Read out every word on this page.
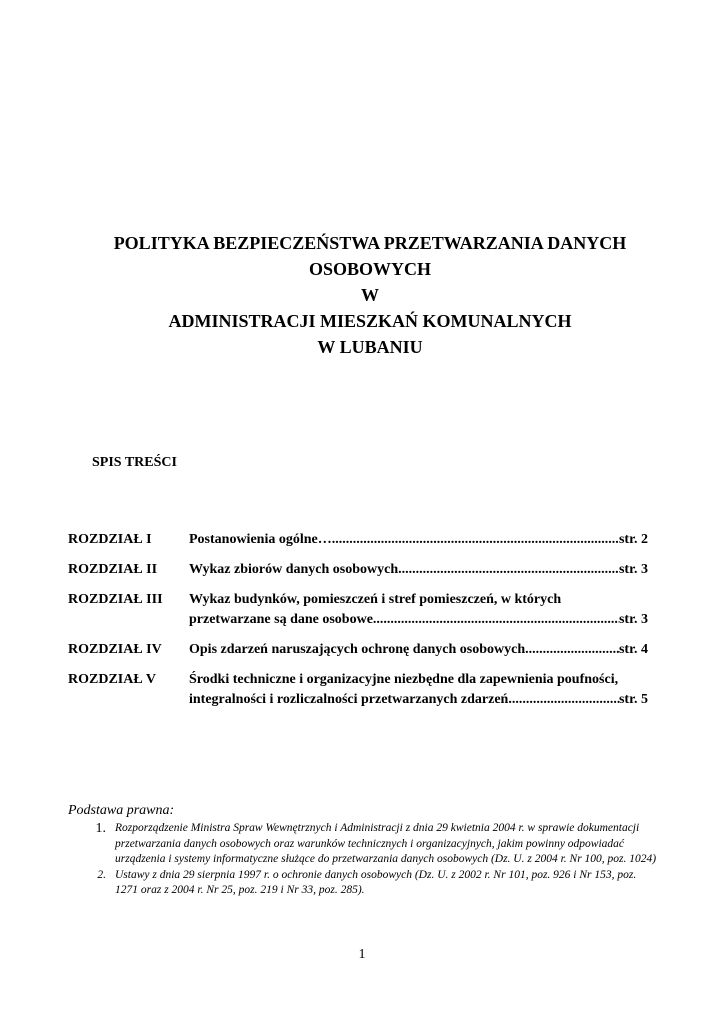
POLITYKA BEZPIECZEŃSTWA PRZETWARZANIA DANYCH
OSOBOWYCH
W
ADMINISTRACJI MIESZKAŃ KOMUNALNYCH
W LUBANIU
SPIS TREŚCI
ROZDZIAŁ I	Postanowienia ogólne… .....	str. 2
ROZDZIAŁ II	Wykaz zbiorów danych osobowych .....	str. 3
ROZDZIAŁ III	Wykaz budynków, pomieszczeń i stref pomieszczeń, w których
przetwarzane są dane osobowe .....	str. 3
ROZDZIAŁ IV	Opis zdarzeń naruszających ochronę danych osobowych .....	str. 4
ROZDZIAŁ V	Środki techniczne i organizacyjne niezbędne dla zapewnienia poufności,
integralności i rozliczalności przetwarzanych zdarzeń .....	str. 5
Podstawa prawna:
1. Rozporządzenie Ministra Spraw Wewnętrznych i Administracji z dnia 29 kwietnia 2004 r. w sprawie dokumentacji przetwarzania danych osobowych oraz warunków technicznych i organizacyjnych, jakim powinny odpowiadać urządzenia i systemy informatyczne służące do przetwarzania danych osobowych (Dz. U. z 2004 r. Nr 100, poz. 1024)
2. Ustawy z dnia 29 sierpnia 1997 r. o ochronie danych osobowych (Dz. U. z 2002 r. Nr 101, poz. 926 i Nr 153, poz. 1271 oraz z 2004 r. Nr 25, poz. 219 i Nr 33, poz. 285).
1
